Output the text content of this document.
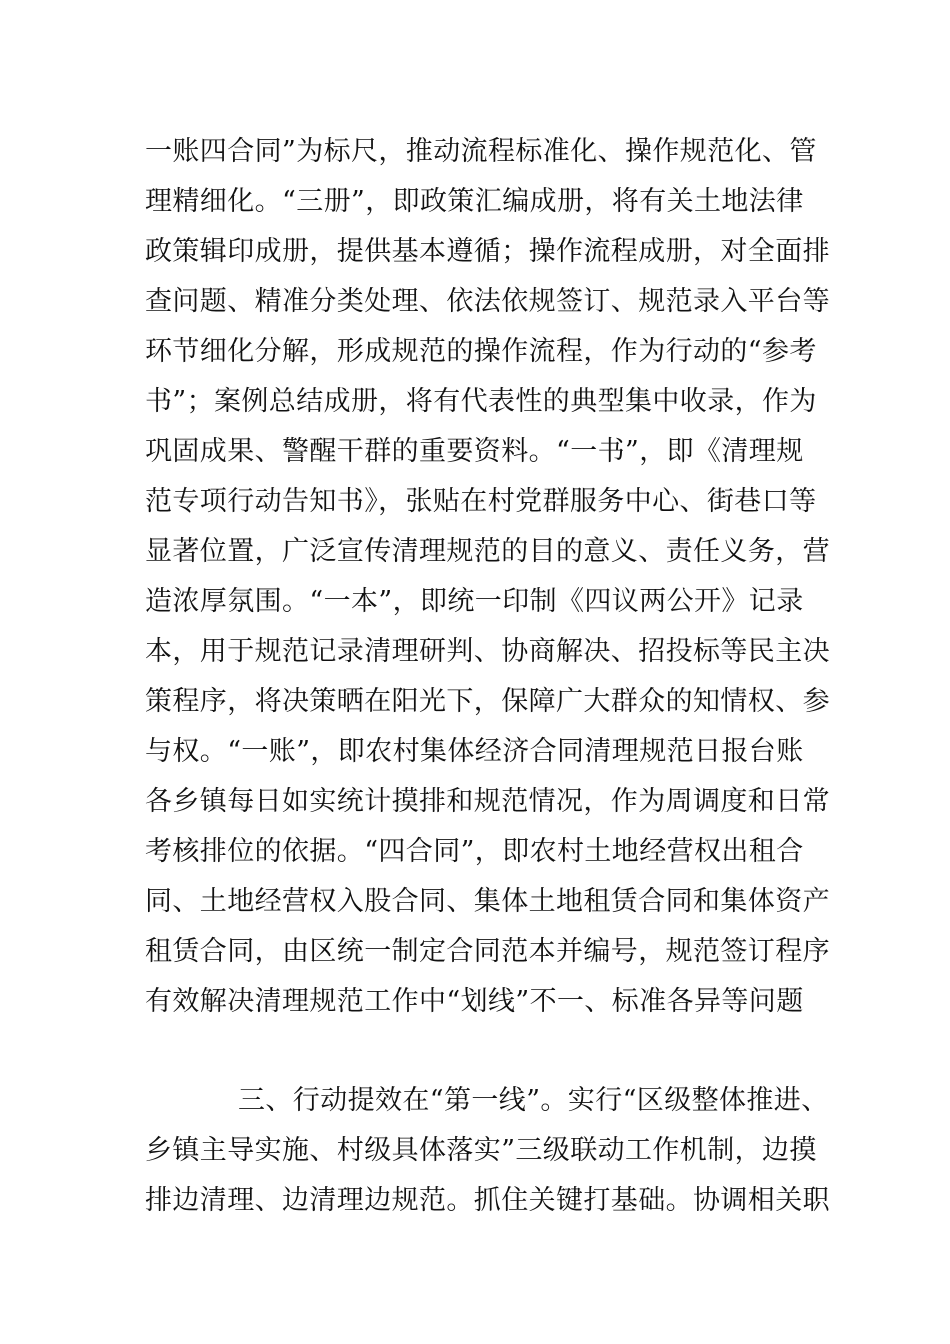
一账四合同”为标尺，推动流程标准化、操作规范化、管

理精细化。“三册”，即政策汇编成册，将有关土地法律

政策辑印成册，提供基本遵循；操作流程成册，对全面排

查问题、精准分类处理、依法依规签订、规范录入平台等

环节细化分解，形成规范的操作流程，作为行动的“参考

书”；案例总结成册，将有代表性的典型集中收录，作为

巩固成果、警醒干群的重要资料。“一书”，即《清理规

范专项行动告知书》，张贴在村党群服务中心、街巷口等

显著位置，广泛宣传清理规范的目的意义、责任义务，营

造浓厚氛围。“一本”，即统一印制《四议两公开》记录

本，用于规范记录清理研判、协商解决、招投标等民主决

策程序，将决策晒在阳光下，保障广大群众的知情权、参

与权。“一账”，即农村集体经济合同清理规范日报台账

各乡镇每日如实统计摸排和规范情况，作为周调度和日常

考核排位的依据。“四合同”，即农村土地经营权出租合

同、土地经营权入股合同、集体土地租赁合同和集体资产

租赁合同，由区统一制定合同范本并编号，规范签订程序

有效解决清理规范工作中“划线”不一、标准各异等问题

三、行动提效在“第一线”。实行“区级整体推进、

乡镇主导实施、村级具体落实”三级联动工作机制，边摸

排边清理、边清理边规范。抓住关键打基础。协调相关职
